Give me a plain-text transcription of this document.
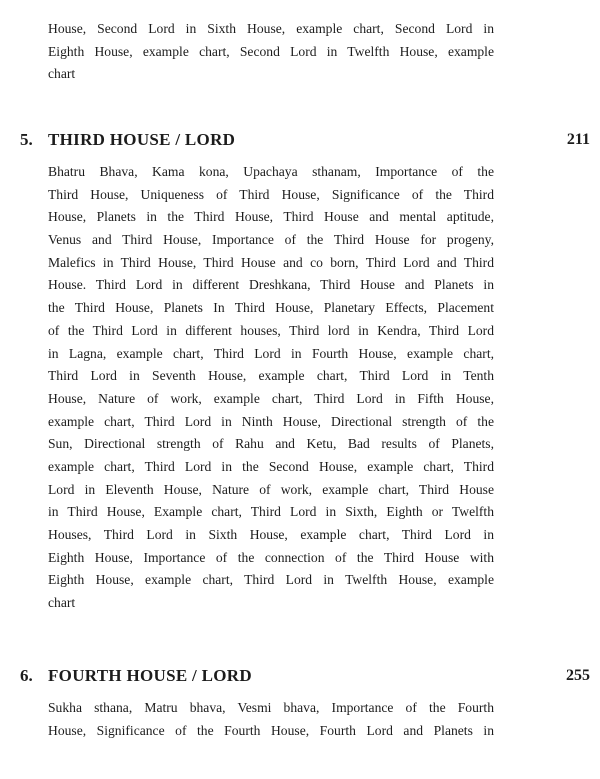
House, Second Lord in Sixth House, example chart, Second Lord in
Eighth House, example chart, Second Lord in Twelfth House, example
chart
5. THIRD HOUSE / LORD	211
Bhatru Bhava, Kama kona, Upachaya sthanam, Importance of the
Third House, Uniqueness of Third House, Significance of the Third
House, Planets in the Third House, Third House and mental aptitude,
Venus and Third House, Importance of the Third House for progeny,
Malefics in Third House, Third House and co born, Third Lord and Third
House. Third Lord in different Dreshkana, Third House and Planets in
the Third House, Planets In Third House, Planetary Effects, Placement
of the Third Lord in different houses, Third lord in Kendra, Third Lord
in Lagna, example chart, Third Lord in Fourth House, example chart,
Third Lord in Seventh House, example chart, Third Lord in Tenth
House, Nature of work, example chart, Third Lord in Fifth House,
example chart, Third Lord in Ninth House, Directional strength of the
Sun, Directional strength of Rahu and Ketu, Bad results of Planets,
example chart, Third Lord in the Second House, example chart, Third
Lord in Eleventh House, Nature of work, example chart, Third House
in Third House, Example chart, Third Lord in Sixth, Eighth or Twelfth
Houses, Third Lord in Sixth House, example chart, Third Lord in
Eighth House, Importance of the connection of the Third House with
Eighth House, example chart, Third Lord in Twelfth House, example
chart
6. FOURTH HOUSE / LORD	255
Sukha sthana, Matru bhava, Vesmi bhava, Importance of the Fourth
House, Significance of the Fourth House, Fourth Lord and Planets in
